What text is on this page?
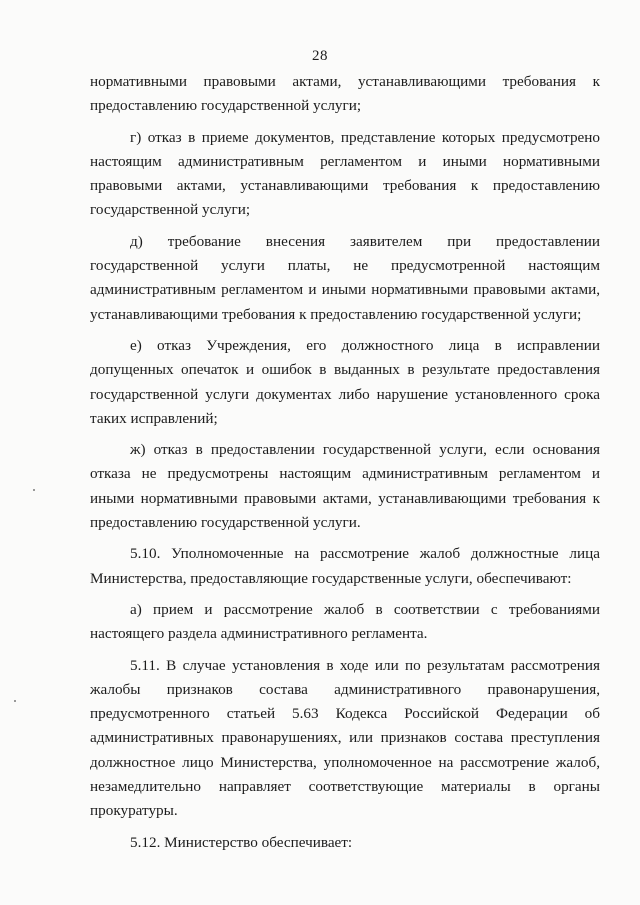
28

нормативными правовыми актами, устанавливающими требования к предоставлению государственной услуги;

г) отказ в приеме документов, представление которых предусмотрено настоящим административным регламентом и иными нормативными правовыми актами, устанавливающими требования к предоставлению государственной услуги;

д) требование внесения заявителем при предоставлении государственной услуги платы, не предусмотренной настоящим административным регламентом и иными нормативными правовыми актами, устанавливающими требования к предоставлению государственной услуги;

е) отказ Учреждения, его должностного лица в исправлении допущенных опечаток и ошибок в выданных в результате предоставления государственной услуги документах либо нарушение установленного срока таких исправлений;

ж) отказ в предоставлении государственной услуги, если основания отказа не предусмотрены настоящим административным регламентом и иными нормативными правовыми актами, устанавливающими требования к предоставлению государственной услуги.

5.10. Уполномоченные на рассмотрение жалоб должностные лица Министерства, предоставляющие государственные услуги, обеспечивают:

а) прием и рассмотрение жалоб в соответствии с требованиями настоящего раздела административного регламента.

5.11. В случае установления в ходе или по результатам рассмотрения жалобы признаков состава административного правонарушения, предусмотренного статьей 5.63 Кодекса Российской Федерации об административных правонарушениях, или признаков состава преступления должностное лицо Министерства, уполномоченное на рассмотрение жалоб, незамедлительно направляет соответствующие материалы в органы прокуратуры.

5.12. Министерство обеспечивает:
